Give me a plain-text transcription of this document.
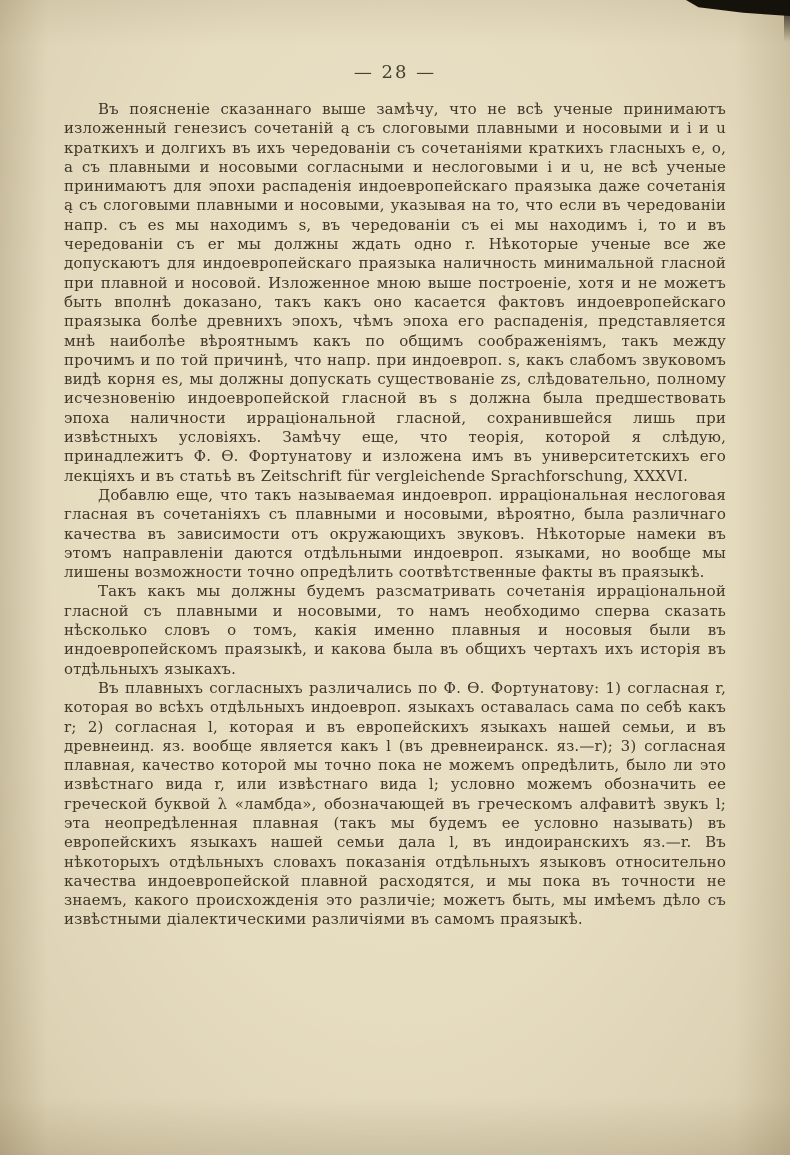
— 28 —

Въ поясненіе сказаннаго выше замѣчу, что не всѣ ученые принимаютъ изложенный генезисъ сочетаній ą съ слоговыми плавными и носовыми и і и u краткихъ и долгихъ въ ихъ чередованіи съ сочетаніями краткихъ гласныхъ e, o, a съ плавными и носовыми согласными и неслоговыми i и u, не всѣ ученые принимаютъ для эпохи распаденія индоевропейскаго праязыка даже сочетанія ą съ слоговыми плавными и носовыми, указывая на то, что если въ чередованіи напр. съ es мы находимъ s, въ чередованіи съ ei мы находимъ i, то и въ чередованіи съ er мы должны ждать одно r. Нѣкоторые ученые все же допускаютъ для индоевропейскаго праязыка наличность минимальной гласной при плавной и носовой. Изложенное мною выше построеніе, хотя и не можетъ быть вполнѣ доказано, такъ какъ оно касается фактовъ индоевропейскаго праязыка болѣе древнихъ эпохъ, чѣмъ эпоха его распаденія, представляется мнѣ наиболѣе вѣроятнымъ какъ по общимъ соображеніямъ, такъ между прочимъ и по той причинѣ, что напр. при индоевроп. s, какъ слабомъ звуковомъ видѣ корня es, мы должны допускать существованіе zs, слѣдовательно, полному исчезновенію индоевропейской гласной въ s должна была предшествовать эпоха наличности ирраціональной гласной, сохранившейся лишь при извѣстныхъ условіяхъ. Замѣчу еще, что теорія, которой я слѣдую, принадлежитъ Ф. Ѳ. Фортунатову и изложена имъ въ университетскихъ его лекціяхъ и въ статьѣ въ Zeitschrift für vergleichende Sprachforschung, XXXVI.

Добавлю еще, что такъ называемая индоевроп. ирраціональная неслоговая гласная въ сочетаніяхъ съ плавными и носовыми, вѣроятно, была различнаго качества въ зависимости отъ окружающихъ звуковъ. Нѣкоторые намеки въ этомъ направленіи даются отдѣльными индоевроп. языками, но вообще мы лишены возможности точно опредѣлить соотвѣтственные факты въ праязыкѣ.

Такъ какъ мы должны будемъ разсматривать сочетанія ирраціональной гласной съ плавными и носовыми, то намъ необходимо сперва сказать нѣсколько словъ о томъ, какія именно плавныя и носовыя были въ индоевропейскомъ праязыкѣ, и какова была въ общихъ чертахъ ихъ исторія въ отдѣльныхъ языкахъ.

Въ плавныхъ согласныхъ различались по Ф. Ѳ. Фортунатову: 1) согласная r, которая во всѣхъ отдѣльныхъ индоевроп. языкахъ оставалась сама по себѣ какъ r; 2) согласная l, которая и въ европейскихъ языкахъ нашей семьи, и въ древнеинд. яз. вообще является какъ l (въ древнеиранск. яз.—r); 3) согласная плавная, качество которой мы точно пока не можемъ опредѣлить, было ли это извѣстнаго вида r, или извѣстнаго вида l; условно можемъ обозначить ее греческой буквой λ «ламбда», обозначающей въ греческомъ алфавитѣ звукъ l; эта неопредѣленная плавная (такъ мы будемъ ее условно называть) въ европейскихъ языкахъ нашей семьи дала l, въ индоиранскихъ яз.—r. Въ нѣкоторыхъ отдѣльныхъ словахъ показанія отдѣльныхъ языковъ относительно качества индоевропейской плавной расходятся, и мы пока въ точности не знаемъ, какого происхожденія это различіе; можетъ быть, мы имѣемъ дѣло съ извѣстными діалектическими различіями въ самомъ праязыкѣ.
